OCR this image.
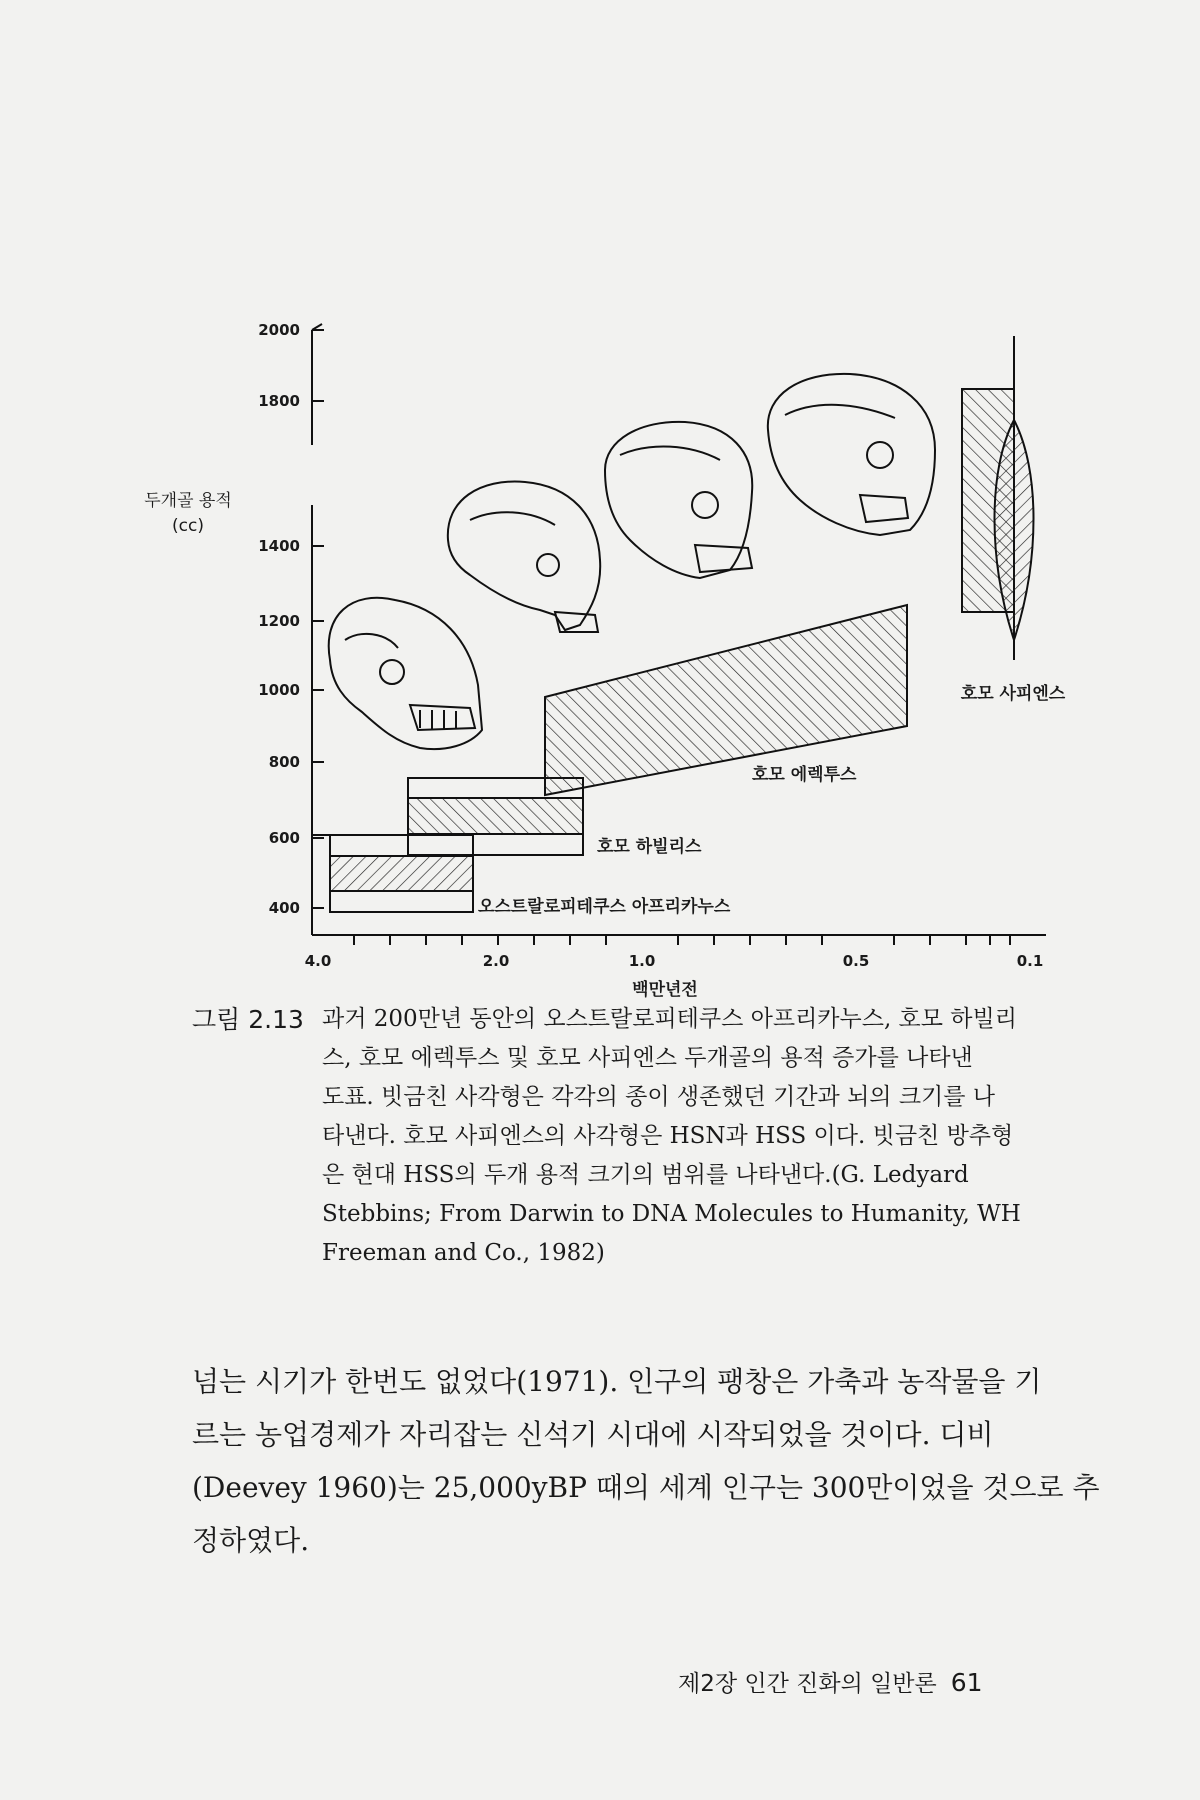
두개골 용적
(cc)
2000
1800
1400
1200
1000
800
600
400
4.0	2.0	1.0	0.5	0.1
백만년전
오스트랄로피테쿠스 아프리카누스
호모 하빌리스
호모 에렉투스
호모 사피엔스
그림 2.13 과거 200만년 동안의 오스트랄로피테쿠스 아프리카누스, 호모 하빌리
스, 호모 에렉투스 및 호모 사피엔스 두개골의 용적 증가를 나타낸
도표. 빗금친 사각형은 각각의 종이 생존했던 기간과 뇌의 크기를 나
타낸다. 호모 사피엔스의 사각형은 HSN과 HSS 이다. 빗금친 방추형
은 현대 HSS의 두개 용적 크기의 범위를 나타낸다.(G. Ledyard
Stebbins; From Darwin to DNA Molecules to Humanity, WH
Freeman and Co., 1982)
넘는 시기가 한번도 없었다(1971). 인구의 팽창은 가축과 농작물을 기
르는 농업경제가 자리잡는 신석기 시대에 시작되었을 것이다. 디비
(Deevey 1960)는 25,000yBP 때의 세계 인구는 300만이었을 것으로 추
정하였다.
제2장 인간 진화의 일반론 61
